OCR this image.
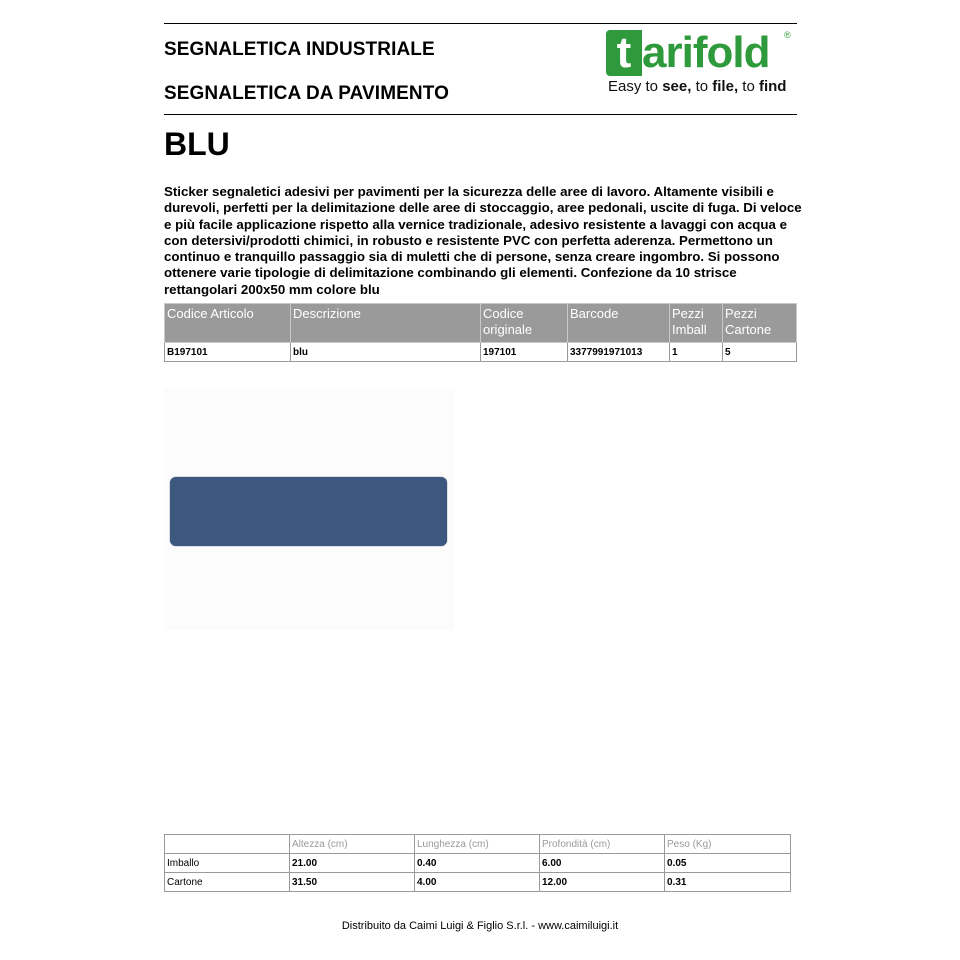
SEGNALETICA INDUSTRIALE
SEGNALETICA DA PAVIMENTO
t arifold ®
Easy to see, to file, to find
BLU
Sticker segnaletici adesivi per pavimenti per la sicurezza delle aree di lavoro. Altamente visibili e durevoli, perfetti per la delimitazione delle aree di stoccaggio, aree pedonali, uscite di fuga. Di veloce e più facile applicazione rispetto alla vernice tradizionale, adesivo resistente a lavaggi con acqua e con detersivi/prodotti chimici, in robusto e resistente PVC con perfetta aderenza. Permettono un continuo e tranquillo passaggio sia di muletti che di persone, senza creare ingombro. Si possono ottenere varie tipologie di delimitazione combinando gli elementi. Confezione da 10 strisce rettangolari 200x50 mm colore blu
Codice Articolo	Descrizione	Codice originale	Barcode	Pezzi Imball	Pezzi Cartone
B197101	blu	197101	3377991971013	1	5
	Altezza (cm)	Lunghezza (cm)	Profondità (cm)	Peso (Kg)
Imballo	21.00	0.40	6.00	0.05
Cartone	31.50	4.00	12.00	0.31
Distribuito da Caimi Luigi & Figlio S.r.l. - www.caimiluigi.it
